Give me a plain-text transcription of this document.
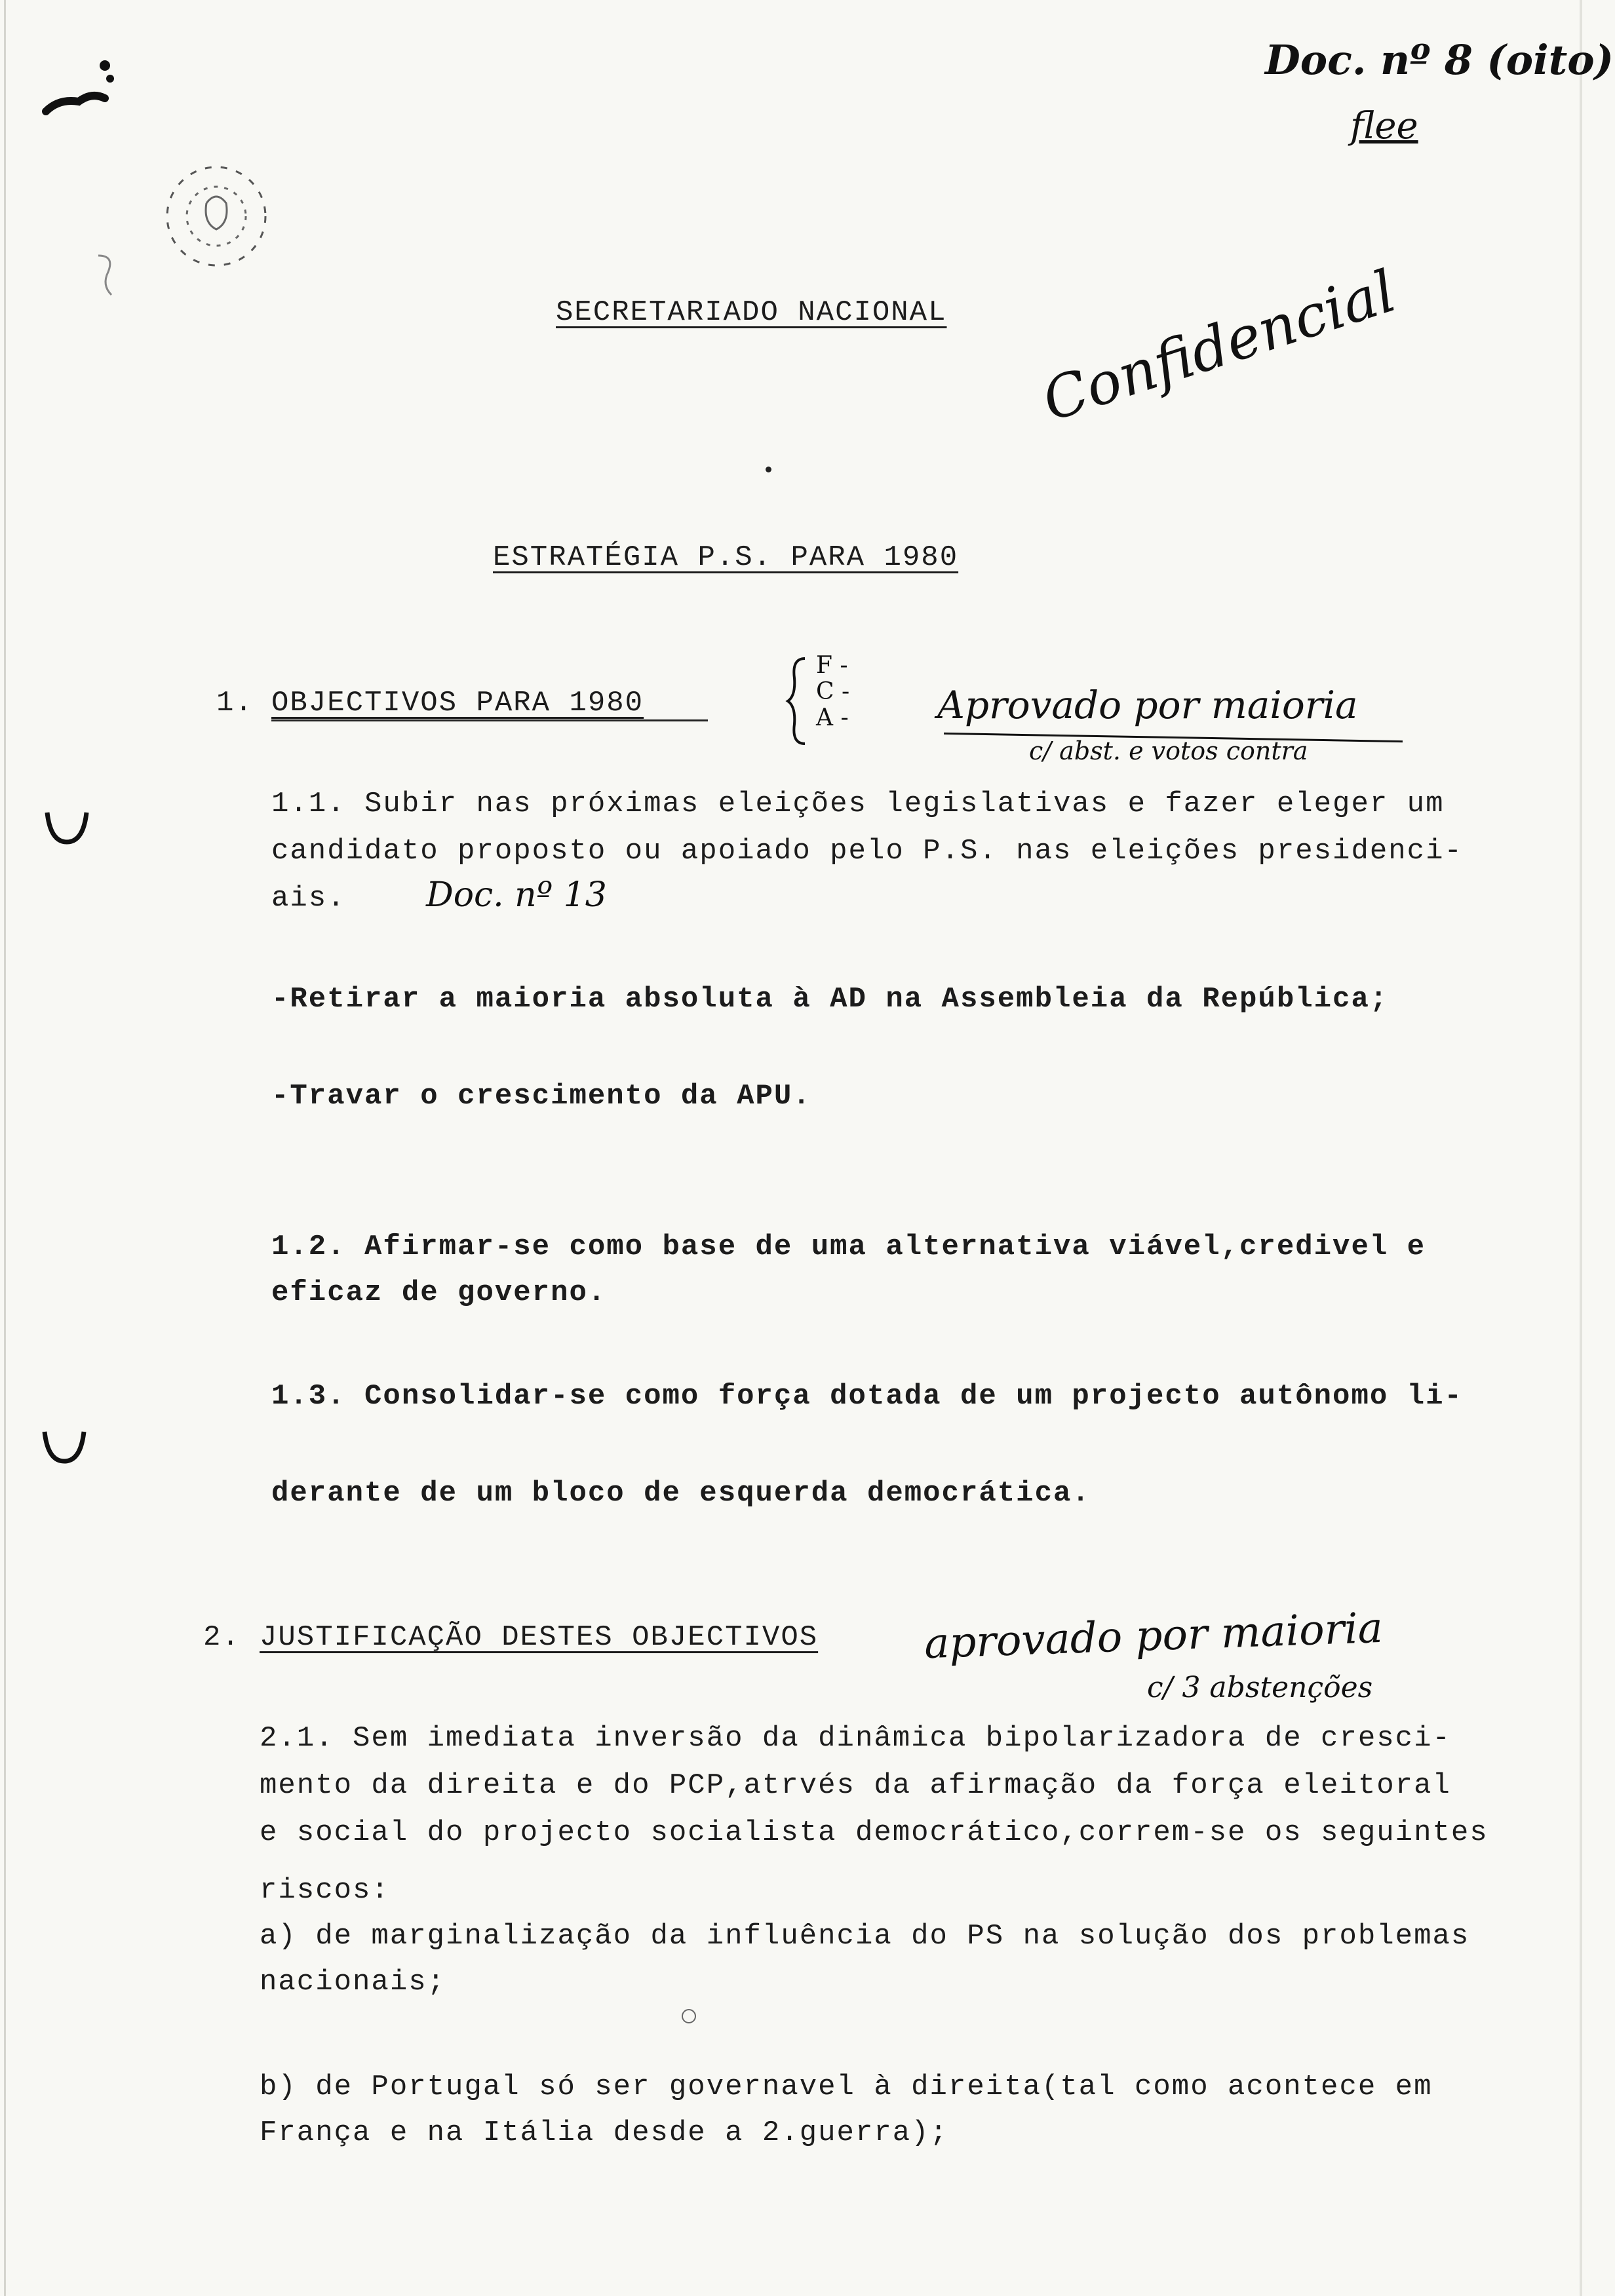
Doc. nº 8 (oito)
flee
SECRETARIADO NACIONAL Confidencial
ESTRATÉGIA P.S. PARA 1980
1. OBJECTIVOS PARA 1980
F -
C -
A - Aprovado por maioria
c/ abst. e votos contra
1.1. Subir nas próximas eleições legislativas e fazer eleger um
candidato proposto ou apoiado pelo P.S. nas eleições presidenci-
ais. Doc. nº 13
-Retirar a maioria absoluta à AD na Assembleia da República;
-Travar o crescimento da APU.
1.2. Afirmar-se como base de uma alternativa viável,credivel e
eficaz de governo.
1.3. Consolidar-se como força dotada de um projecto autônomo li-
derante de um bloco de esquerda democrática.
2. JUSTIFICAÇÃO DESTES OBJECTIVOS	aprovado por maioria
c/ 3 abstenções
2.1. Sem imediata inversão da dinâmica bipolarizadora de cresci-
mento da direita e do PCP,atrvés da afirmação da força eleitoral
e social do projecto socialista democrático,correm-se os seguintes
riscos:
a) de marginalização da influência do PS na solução dos problemas
nacionais;
b) de Portugal só ser governavel à direita(tal como acontece em
França e na Itália desde a 2.guerra);
